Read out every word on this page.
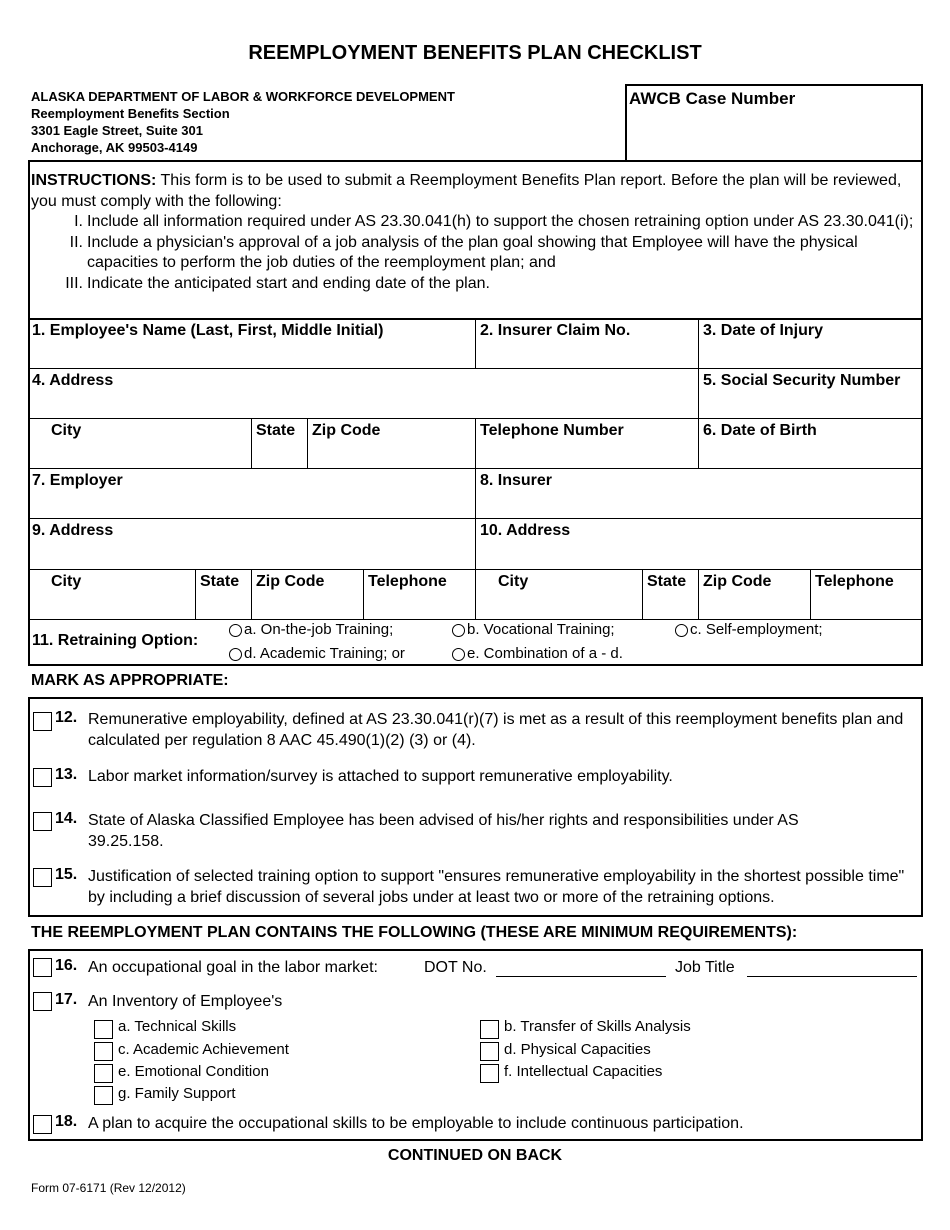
REEMPLOYMENT BENEFITS PLAN CHECKLIST
ALASKA DEPARTMENT OF LABOR & WORKFORCE DEVELOPMENT
Reemployment Benefits Section
3301 Eagle Street, Suite 301
Anchorage, AK 99503-4149
AWCB Case Number
INSTRUCTIONS: This form is to be used to submit a Reemployment Benefits Plan report. Before the plan will be reviewed, you must comply with the following:
I. Include all information required under AS 23.30.041(h) to support the chosen retraining option under AS 23.30.041(i);
II. Include a physician's approval of a job analysis of the plan goal showing that Employee will have the physical capacities to perform the job duties of the reemployment plan; and
III. Indicate the anticipated start and ending date of the plan.
1. Employee's Name (Last, First, Middle Initial)	2. Insurer Claim No.	3. Date of Injury
4. Address	5. Social Security Number
City	State Zip Code	Telephone Number	6. Date of Birth
7. Employer	8. Insurer
9. Address	10. Address
City	State Zip Code	Telephone	City	State Zip Code	Telephone
11. Retraining Option:
a. On-the-job Training;	b. Vocational Training;	c. Self-employment;
d. Academic Training; or	e. Combination of a - d.
MARK AS APPROPRIATE:
12. Remunerative employability, defined at AS 23.30.041(r)(7) is met as a result of this reemployment benefits plan and calculated per regulation 8 AAC 45.490(1)(2) (3) or (4).
13. Labor market information/survey is attached to support remunerative employability.
14. State of Alaska Classified Employee has been advised of his/her rights and responsibilities under AS 39.25.158.
15. Justification of selected training option to support "ensures remunerative employability in the shortest possible time" by including a brief discussion of several jobs under at least two or more of the retraining options.
THE REEMPLOYMENT PLAN CONTAINS THE FOLLOWING (THESE ARE MINIMUM REQUIREMENTS):
16. An occupational goal in the labor market:	DOT No.	Job Title
17. An Inventory of Employee's
a. Technical Skills	b. Transfer of Skills Analysis
c. Academic Achievement	d. Physical Capacities
e. Emotional Condition	f. Intellectual Capacities
g. Family Support
18. A plan to acquire the occupational skills to be employable to include continuous participation.
CONTINUED ON BACK
Form 07-6171 (Rev 12/2012)
